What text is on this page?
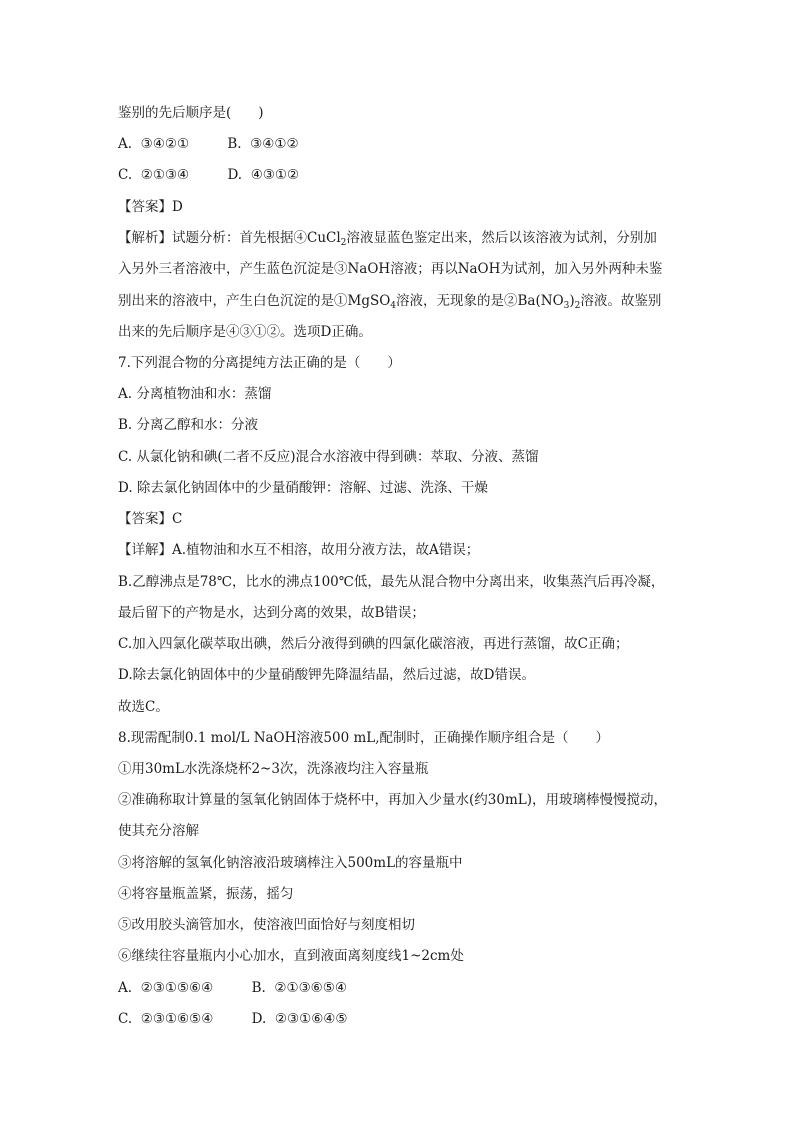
鉴别的先后顺序是(　　)
A. ③④②①	B. ③④①②
C. ②①③④	D. ④③①②
【答案】D
【解析】试题分析：首先根据④CuCl$_2$溶液显蓝色鉴定出来，然后以该溶液为试剂，分别加
入另外三者溶液中，产生蓝色沉淀是③NaOH溶液；再以NaOH为试剂，加入另外两种未鉴
别出来的溶液中，产生白色沉淀的是①MgSO$_4$溶液，无现象的是$②Ba(NO_3)_2$溶液。故鉴别
出来的先后顺序是④③①②。选项D正确。
7.下列混合物的分离提纯方法正确的是（　　）
A. 分离植物油和水：蒸馏
B. 分离乙醇和水：分液
C. 从氯化钠和碘(二者不反应)混合水溶液中得到碘：萃取、分液、蒸馏
D. 除去氯化钠固体中的少量硝酸钾：溶解、过滤、洗涤、干燥
【答案】C
【详解】A.植物油和水互不相溶，故用分液方法，故A错误；
B.乙醇沸点是78℃，比水的沸点100℃低，最先从混合物中分离出来，收集蒸汽后再冷凝，
最后留下的产物是水，达到分离的效果，故B错误；
C.加入四氯化碳萃取出碘，然后分液得到碘的四氯化碳溶液，再进行蒸馏，故C正确；
D.除去氯化钠固体中的少量硝酸钾先降温结晶，然后过滤，故D错误。
故选C。
8.现需配制0.1 mol/L NaOH溶液500 mL,配制时，正确操作顺序组合是（　　）
①用30mL水洗涤烧杯2~3次，洗涤液均注入容量瓶
②准确称取计算量的氢氧化钠固体于烧杯中，再加入少量水(约30mL)，用玻璃棒慢慢搅动，
使其充分溶解
③将溶解的氢氧化钠溶液沿玻璃棒注入500mL的容量瓶中
④将容量瓶盖紧，振荡，摇匀
⑤改用胶头滴管加水，使溶液凹面恰好与刻度相切
⑥继续往容量瓶内小心加水，直到液面离刻度线1~2cm处
A. ②③①⑤⑥④	B. ②①③⑥⑤④
C. ②③①⑥⑤④	D. ②③①⑥④⑤
